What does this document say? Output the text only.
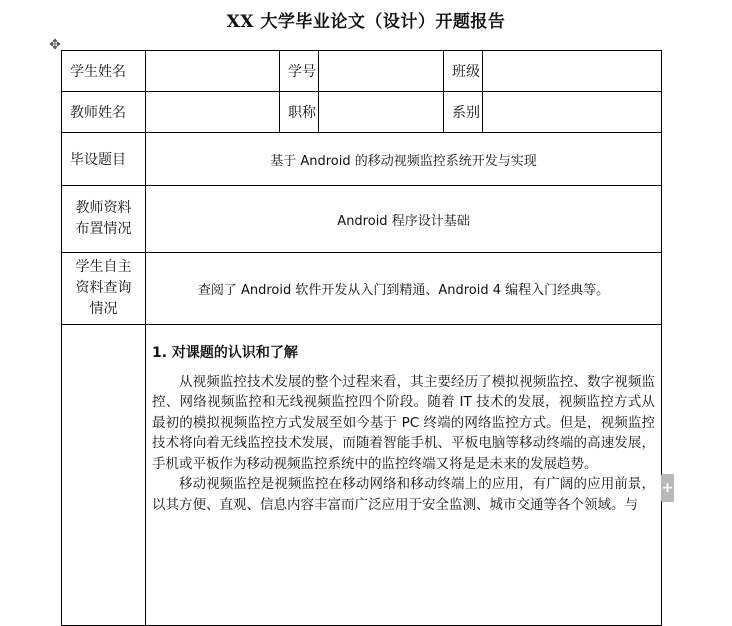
XX 大学毕业论文（设计）开题报告
✥
学生姓名		学号		班级	
教师姓名		职称		系别	
毕设题目	基于 Android 的移动视频监控系统开发与实现				

教师资料
布置情况	Android 程序设计基础				

学生自主
资料查询
情况	查阅了 Android 软件开发从入门到精通、Android 4 编程入门经典等。				

	1. 对课题的认识和了解

从视频监控技术发展的整个过程来看，其主要经历了模拟视频监控、数字视频监控、网络视频监控和无线视频监控四个阶段。随着 IT 技术的发展，视频监控方式从最初的模拟视频监控方式发展至如今基于 PC 终端的网络监控方式。但是，视频监控技术将向着无线监控技术发展，而随着智能手机、平板电脑等移动终端的高速发展，手机或平板作为移动视频监控系统中的监控终端又将是是未来的发展趋势。

移动视频监控是视频监控在移动网络和移动终端上的应用，有广阔的应用前景，以其方便、直观、信息内容丰富而广泛应用于安全监测、城市交通等各个领域。与				

+
